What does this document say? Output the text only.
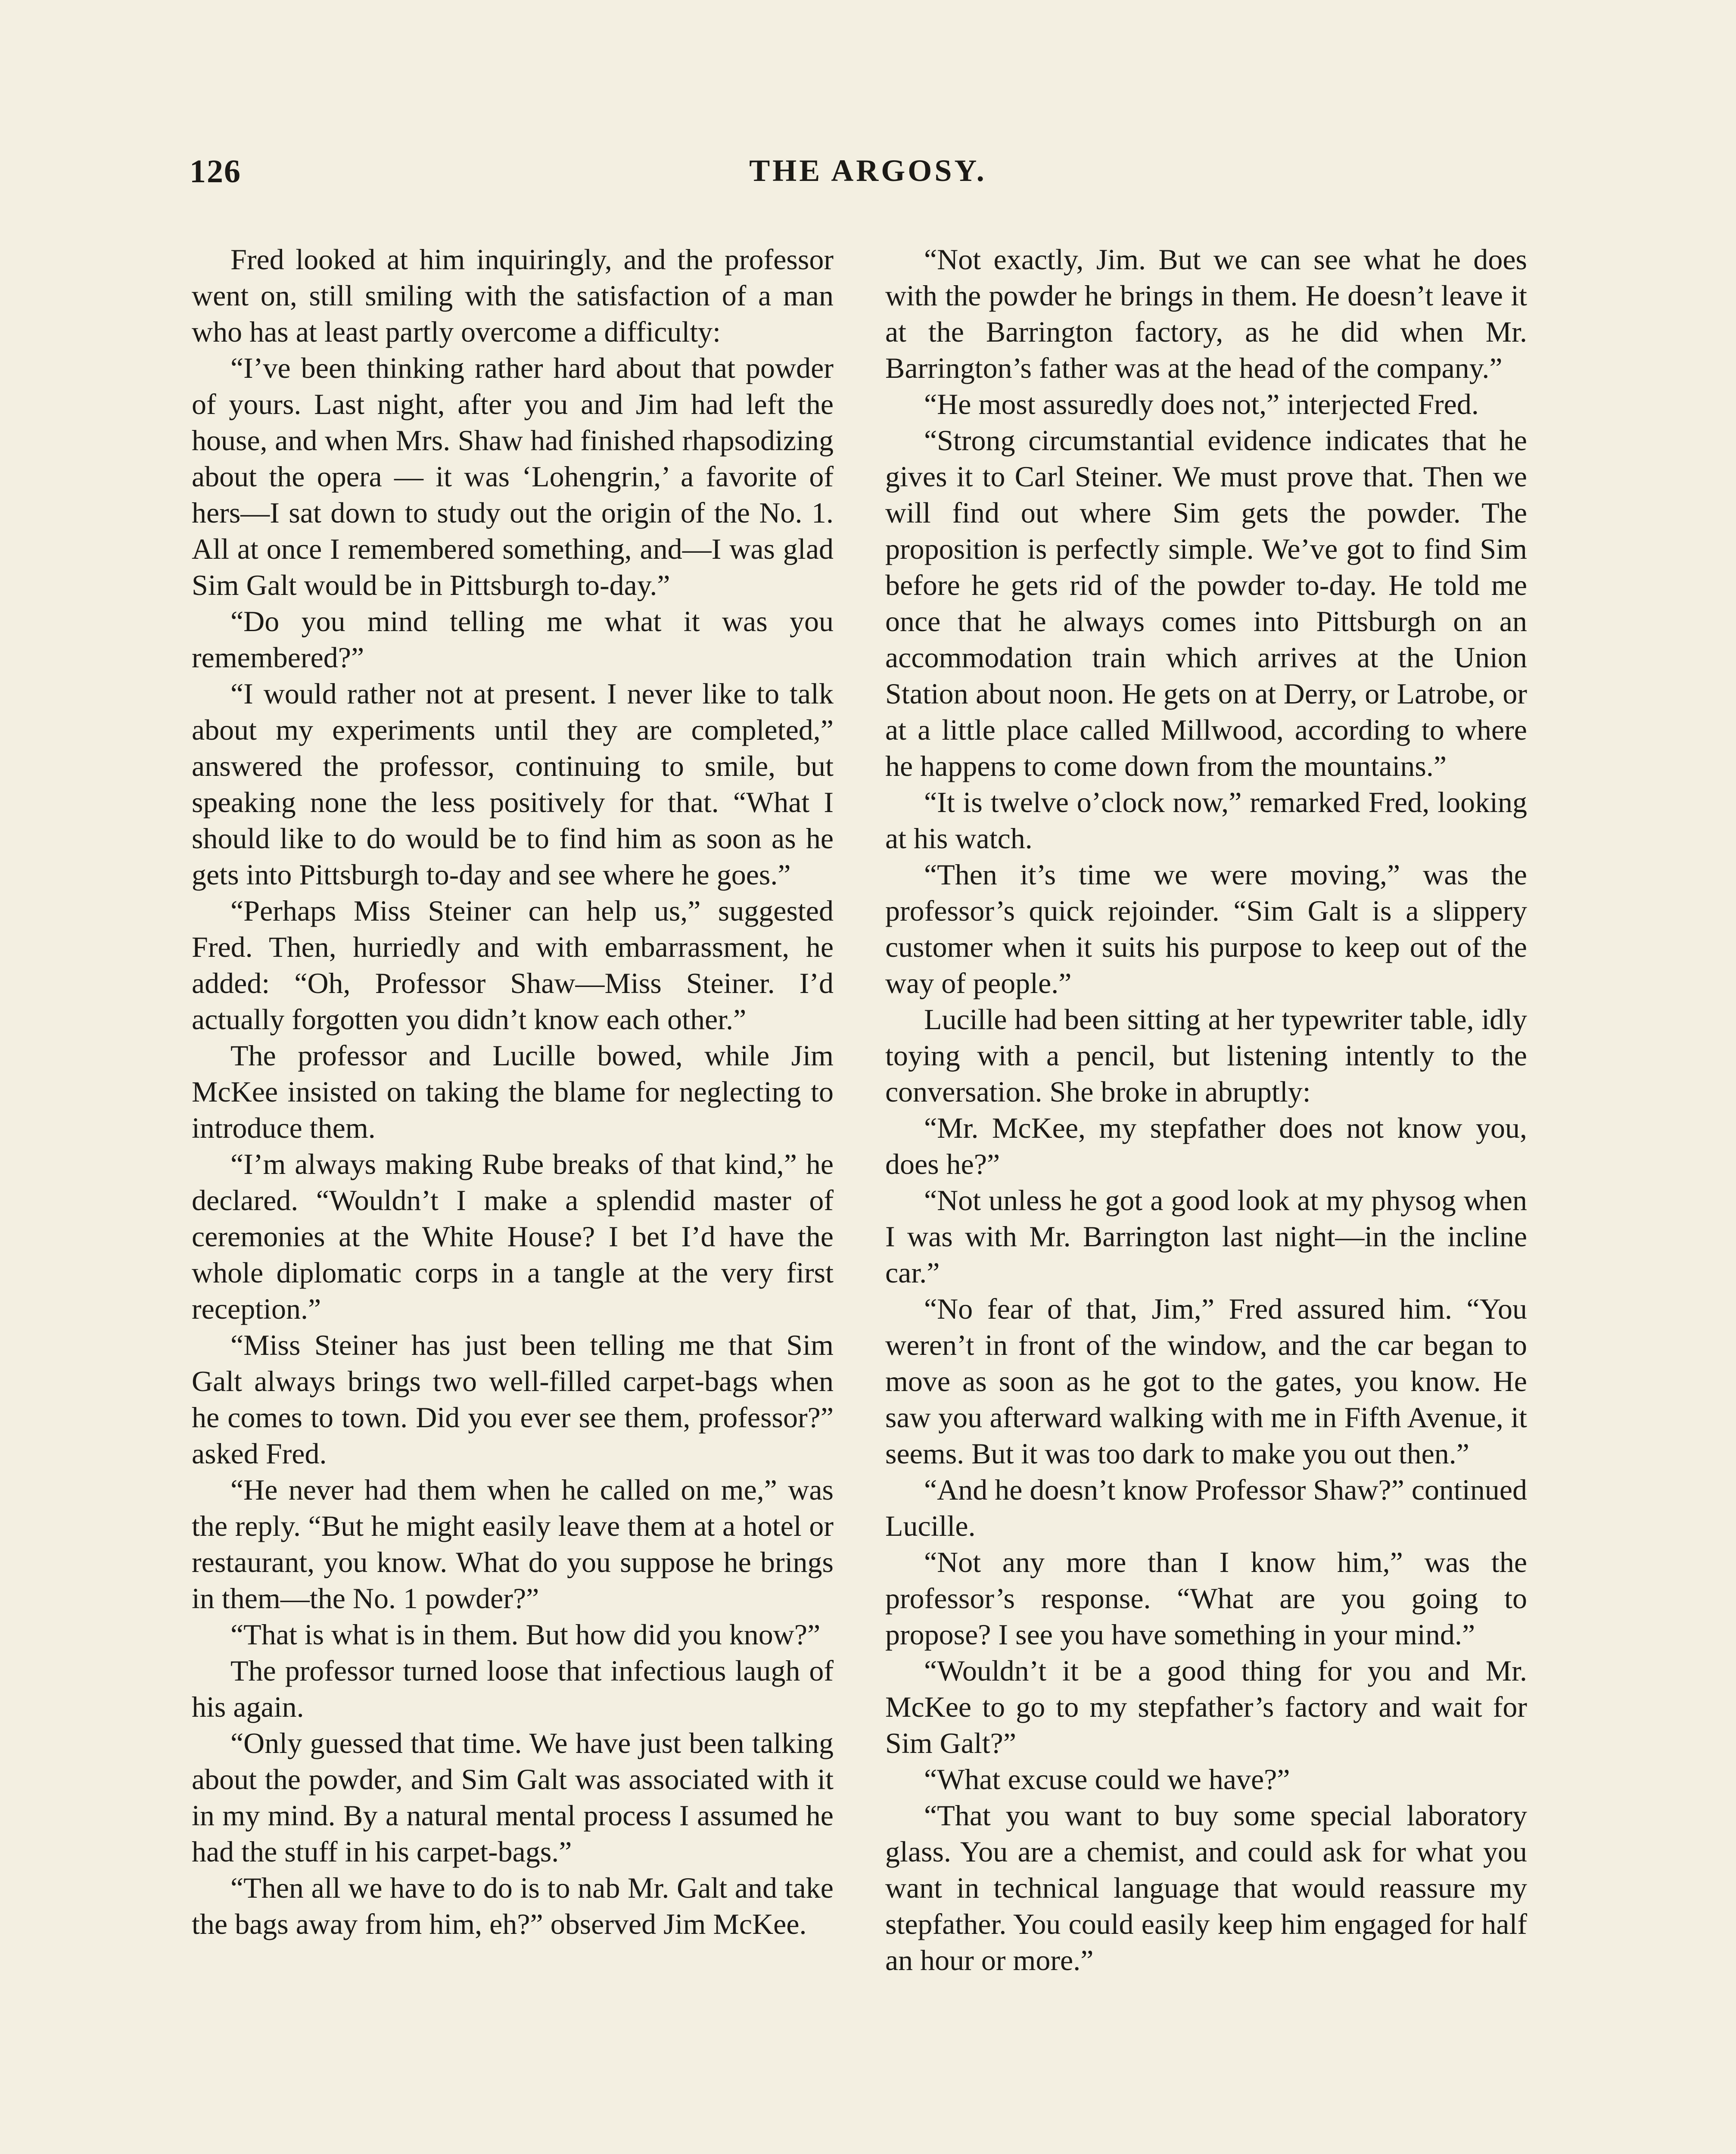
126	THE ARGOSY.

Fred looked at him inquiringly, and the professor went on, still smiling with the satisfaction of a man who has at least partly overcome a difficulty:

“I’ve been thinking rather hard about that powder of yours. Last night, after you and Jim had left the house, and when Mrs. Shaw had finished rhapsodizing about the opera — it was ‘Lohengrin,’ a favorite of hers—I sat down to study out the origin of the No. 1. All at once I remembered something, and—I was glad Sim Galt would be in Pittsburgh to-day.”

“Do you mind telling me what it was you remembered?”

“I would rather not at present. I never like to talk about my experiments until they are completed,” answered the professor, continuing to smile, but speaking none the less positively for that. “What I should like to do would be to find him as soon as he gets into Pittsburgh to-day and see where he goes.”

“Perhaps Miss Steiner can help us,” suggested Fred. Then, hurriedly and with embarrassment, he added: “Oh, Professor Shaw—Miss Steiner. I’d actually forgotten you didn’t know each other.”

The professor and Lucille bowed, while Jim McKee insisted on taking the blame for neglecting to introduce them.

“I’m always making Rube breaks of that kind,” he declared. “Wouldn’t I make a splendid master of ceremonies at the White House? I bet I’d have the whole diplomatic corps in a tangle at the very first reception.”

“Miss Steiner has just been telling me that Sim Galt always brings two well-filled carpet-bags when he comes to town. Did you ever see them, professor?” asked Fred.

“He never had them when he called on me,” was the reply. “But he might easily leave them at a hotel or restaurant, you know. What do you suppose he brings in them—the No. 1 powder?”

“That is what is in them. But how did you know?”

The professor turned loose that infectious laugh of his again.

“Only guessed that time. We have just been talking about the powder, and Sim Galt was associated with it in my mind. By a natural mental process I assumed he had the stuff in his carpet-bags.”

“Then all we have to do is to nab Mr. Galt and take the bags away from him, eh?” observed Jim McKee.

“Not exactly, Jim. But we can see what he does with the powder he brings in them. He doesn’t leave it at the Barrington factory, as he did when Mr. Barrington’s father was at the head of the company.”

“He most assuredly does not,” interjected Fred.

“Strong circumstantial evidence indicates that he gives it to Carl Steiner. We must prove that. Then we will find out where Sim gets the powder. The proposition is perfectly simple. We’ve got to find Sim before he gets rid of the powder to-day. He told me once that he always comes into Pittsburgh on an accommodation train which arrives at the Union Station about noon. He gets on at Derry, or Latrobe, or at a little place called Millwood, according to where he happens to come down from the mountains.”

“It is twelve o’clock now,” remarked Fred, looking at his watch.

“Then it’s time we were moving,” was the professor’s quick rejoinder. “Sim Galt is a slippery customer when it suits his purpose to keep out of the way of people.”

Lucille had been sitting at her typewriter table, idly toying with a pencil, but listening intently to the conversation. She broke in abruptly:

“Mr. McKee, my stepfather does not know you, does he?”

“Not unless he got a good look at my physog when I was with Mr. Barrington last night—in the incline car.”

“No fear of that, Jim,” Fred assured him. “You weren’t in front of the window, and the car began to move as soon as he got to the gates, you know. He saw you afterward walking with me in Fifth Avenue, it seems. But it was too dark to make you out then.”

“And he doesn’t know Professor Shaw?” continued Lucille.

“Not any more than I know him,” was the professor’s response. “What are you going to propose? I see you have something in your mind.”

“Wouldn’t it be a good thing for you and Mr. McKee to go to my stepfather’s factory and wait for Sim Galt?”

“What excuse could we have?”

“That you want to buy some special laboratory glass. You are a chemist, and could ask for what you want in technical language that would reassure my stepfather. You could easily keep him engaged for half an hour or more.”
